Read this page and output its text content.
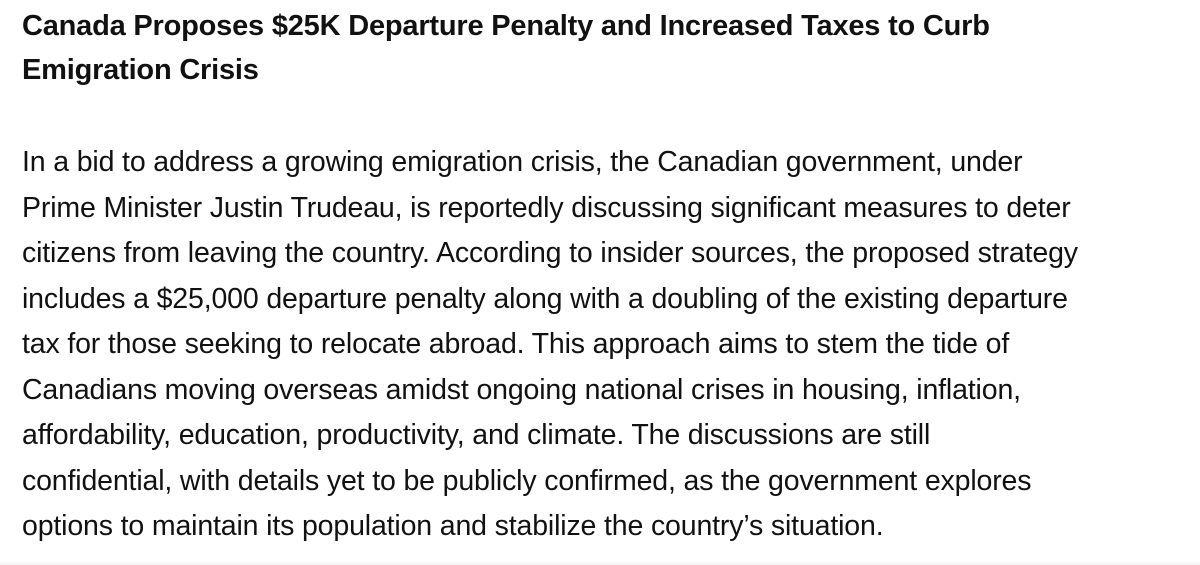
Canada Proposes $25K Departure Penalty and Increased Taxes to Curb
Emigration Crisis

In a bid to address a growing emigration crisis, the Canadian government, under
Prime Minister Justin Trudeau, is reportedly discussing significant measures to deter
citizens from leaving the country. According to insider sources, the proposed strategy
includes a $25,000 departure penalty along with a doubling of the existing departure
tax for those seeking to relocate abroad. This approach aims to stem the tide of
Canadians moving overseas amidst ongoing national crises in housing, inflation,
affordability, education, productivity, and climate. The discussions are still
confidential, with details yet to be publicly confirmed, as the government explores
options to maintain its population and stabilize the country’s situation.
